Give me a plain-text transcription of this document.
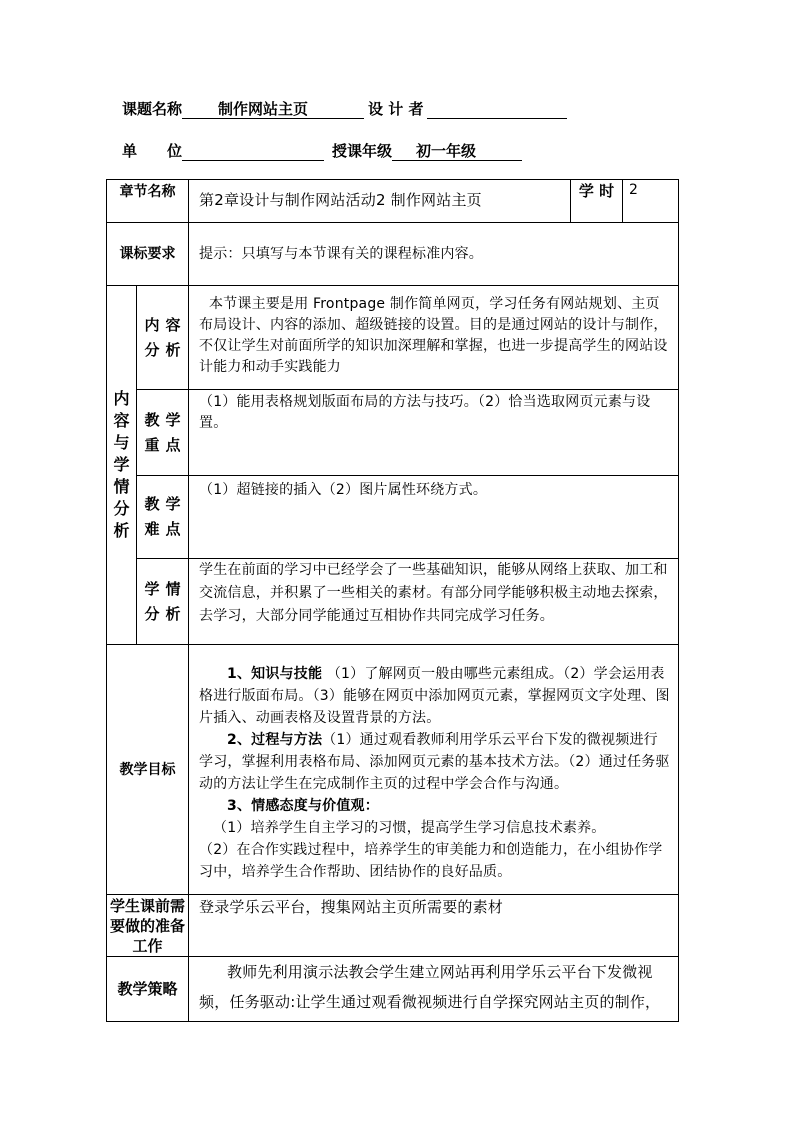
课题名称 制作网站主页	设 计 者
单　　位	授课年级 初一年级
章节名称		第2章设计与制作网站活动2 制作网站主页	学 时	2
课标要求		提示：只填写与本节课有关的课程标准内容。		

内容与学情分析	内容分析	本节课主要是用 Frontpage 制作简单网页，学习任务有网站规划、主页布局设计、内容的添加、超级链接的设置。目的是通过网站的设计与制作，不仅让学生对前面所学的知识加深理解和掌握，也进一步提高学生的网站设计能力和动手实践能力		
	教学重点	（1）能用表格规划版面布局的方法与技巧。（2）恰当选取网页元素与设置。		
	教学难点	（1）超链接的插入（2）图片属性环绕方式。		
	学情分析	学生在前面的学习中已经学会了一些基础知识，能够从网络上获取、加工和交流信息，并积累了一些相关的素材。有部分同学能够积极主动地去探索，去学习，大部分同学能通过互相协作共同完成学习任务。		
教学目标		1、知识与技能 （1）了解网页一般由哪些元素组成。（2）学会运用表格进行版面布局。（3）能够在网页中添加网页元素，掌握网页文字处理、图片插入、动画表格及设置背景的方法。

2、过程与方法（1）通过观看教师利用学乐云平台下发的微视频进行学习，掌握利用表格布局、添加网页元素的基本技术方法。（2）通过任务驱动的方法让学生在完成制作主页的过程中学会合作与沟通。

3、情感态度与价值观：

（1）培养学生自主学习的习惯，提高学生学习信息技术素养。

（2）在合作实践过程中，培养学生的审美能力和创造能力，在小组协作学习中，培养学生合作帮助、团结协作的良好品质。		

学生课前需要做的准备工作		登录学乐云平台，搜集网站主页所需要的素材		
教学策略		教师先利用演示法教会学生建立网站再利用学乐云平台下发微视频，任务驱动:让学生通过观看微视频进行自学探究网站主页的制作，		
